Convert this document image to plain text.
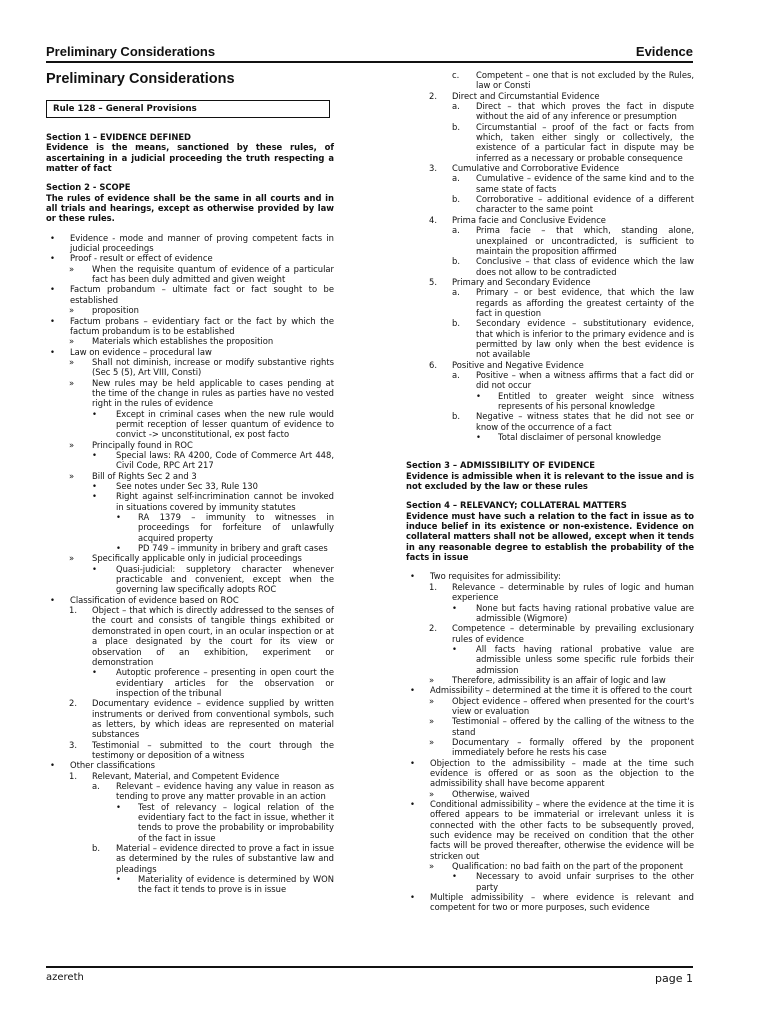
Preliminary Considerations	Evidence
Preliminary Considerations
Rule 128 – General Provisions
Section 1 – EVIDENCE DEFINED
Evidence is the means, sanctioned by these rules, of ascertaining in a judicial proceeding the truth respecting a matter of fact
Section 2 - SCOPE
The rules of evidence shall be the same in all courts and in all trials and hearings, except as otherwise provided by law or these rules.
• Evidence - mode and manner of proving competent facts in judicial proceedings
• Proof - result or effect of evidence
» When the requisite quantum of evidence of a particular fact has been duly admitted and given weight
• Factum probandum – ultimate fact or fact sought to be established
» proposition
• Factum probans – evidentiary fact or the fact by which the factum probandum is to be established
» Materials which establishes the proposition
• Law on evidence – procedural law
» Shall not diminish, increase or modify substantive rights (Sec 5 (5), Art VIII, Consti)
» New rules may be held applicable to cases pending at the time of the change in rules as parties have no vested right in the rules of evidence
• Except in criminal cases when the new rule would permit reception of lesser quantum of evidence to convict -> unconstitutional, ex post facto
» Principally found in ROC
• Special laws: RA 4200, Code of Commerce Art 448, Civil Code, RPC Art 217
» Bill of Rights Sec 2 and 3
• See notes under Sec 33, Rule 130
• Right against self-incrimination cannot be invoked in situations covered by immunity statutes
• RA 1379 – immunity to witnesses in proceedings for forfeiture of unlawfully acquired property
• PD 749 – immunity in bribery and graft cases
» Specifically applicable only in judicial proceedings
• Quasi-judicial: suppletory character whenever practicable and convenient, except when the governing law specifically adopts ROC
• Classification of evidence based on ROC
1. Object – that which is directly addressed to the senses of the court and consists of tangible things exhibited or demonstrated in open court, in an ocular inspection or at a place designated by the court for its view or observation of an exhibition, experiment or demonstration
• Autoptic proference – presenting in open court the evidentiary articles for the observation or inspection of the tribunal
2. Documentary evidence – evidence supplied by written instruments or derived from conventional symbols, such as letters, by which ideas are represented on material substances
3. Testimonial – submitted to the court through the testimony or deposition of a witness
• Other classifications
1. Relevant, Material, and Competent Evidence
a. Relevant – evidence having any value in reason as tending to prove any matter provable in an action
• Test of relevancy – logical relation of the evidentiary fact to the fact in issue, whether it tends to prove the probability or improbability of the fact in issue
b. Material – evidence directed to prove a fact in issue as determined by the rules of substantive law and pleadings
• Materiality of evidence is determined by WON the fact it tends to prove is in issue
c. Competent – one that is not excluded by the Rules, law or Consti
2. Direct and Circumstantial Evidence
a. Direct – that which proves the fact in dispute without the aid of any inference or presumption
b. Circumstantial – proof of the fact or facts from which, taken either singly or collectively, the existence of a particular fact in dispute may be inferred as a necessary or probable consequence
3. Cumulative and Corroborative Evidence
a. Cumulative – evidence of the same kind and to the same state of facts
b. Corroborative – additional evidence of a different character to the same point
4. Prima facie and Conclusive Evidence
a. Prima facie – that which, standing alone, unexplained or uncontradicted, is sufficient to maintain the proposition affirmed
b. Conclusive – that class of evidence which the law does not allow to be contradicted
5. Primary and Secondary Evidence
a. Primary – or best evidence, that which the law regards as affording the greatest certainty of the fact in question
b. Secondary evidence – substitutionary evidence, that which is inferior to the primary evidence and is permitted by law only when the best evidence is not available
6. Positive and Negative Evidence
a. Positive – when a witness affirms that a fact did or did not occur
• Entitled to greater weight since witness represents of his personal knowledge
b. Negative – witness states that he did not see or know of the occurrence of a fact
• Total disclaimer of personal knowledge
Section 3 – ADMISSIBILITY OF EVIDENCE
Evidence is admissible when it is relevant to the issue and is not excluded by the law or these rules
Section 4 – RELEVANCY; COLLATERAL MATTERS
Evidence must have such a relation to the fact in issue as to induce belief in its existence or non-existence. Evidence on collateral matters shall not be allowed, except when it tends in any reasonable degree to establish the probability of the facts in issue
• Two requisites for admissibility:
1. Relevance – determinable by rules of logic and human experience
• None but facts having rational probative value are admissible (Wigmore)
2. Competence – determinable by prevailing exclusionary rules of evidence
• All facts having rational probative value are admissible unless some specific rule forbids their admission
» Therefore, admissibility is an affair of logic and law
• Admissibility – determined at the time it is offered to the court
» Object evidence – offered when presented for the court's view or evaluation
» Testimonial – offered by the calling of the witness to the stand
» Documentary – formally offered by the proponent immediately before he rests his case
• Objection to the admissibility – made at the time such evidence is offered or as soon as the objection to the admissibility shall have become apparent
» Otherwise, waived
• Conditional admissibility – where the evidence at the time it is offered appears to be immaterial or irrelevant unless it is connected with the other facts to be subsequently proved, such evidence may be received on condition that the other facts will be proved thereafter, otherwise the evidence will be stricken out
» Qualification: no bad faith on the part of the proponent
• Necessary to avoid unfair surprises to the other party
• Multiple admissibility – where evidence is relevant and competent for two or more purposes, such evidence
azereth	page 1
